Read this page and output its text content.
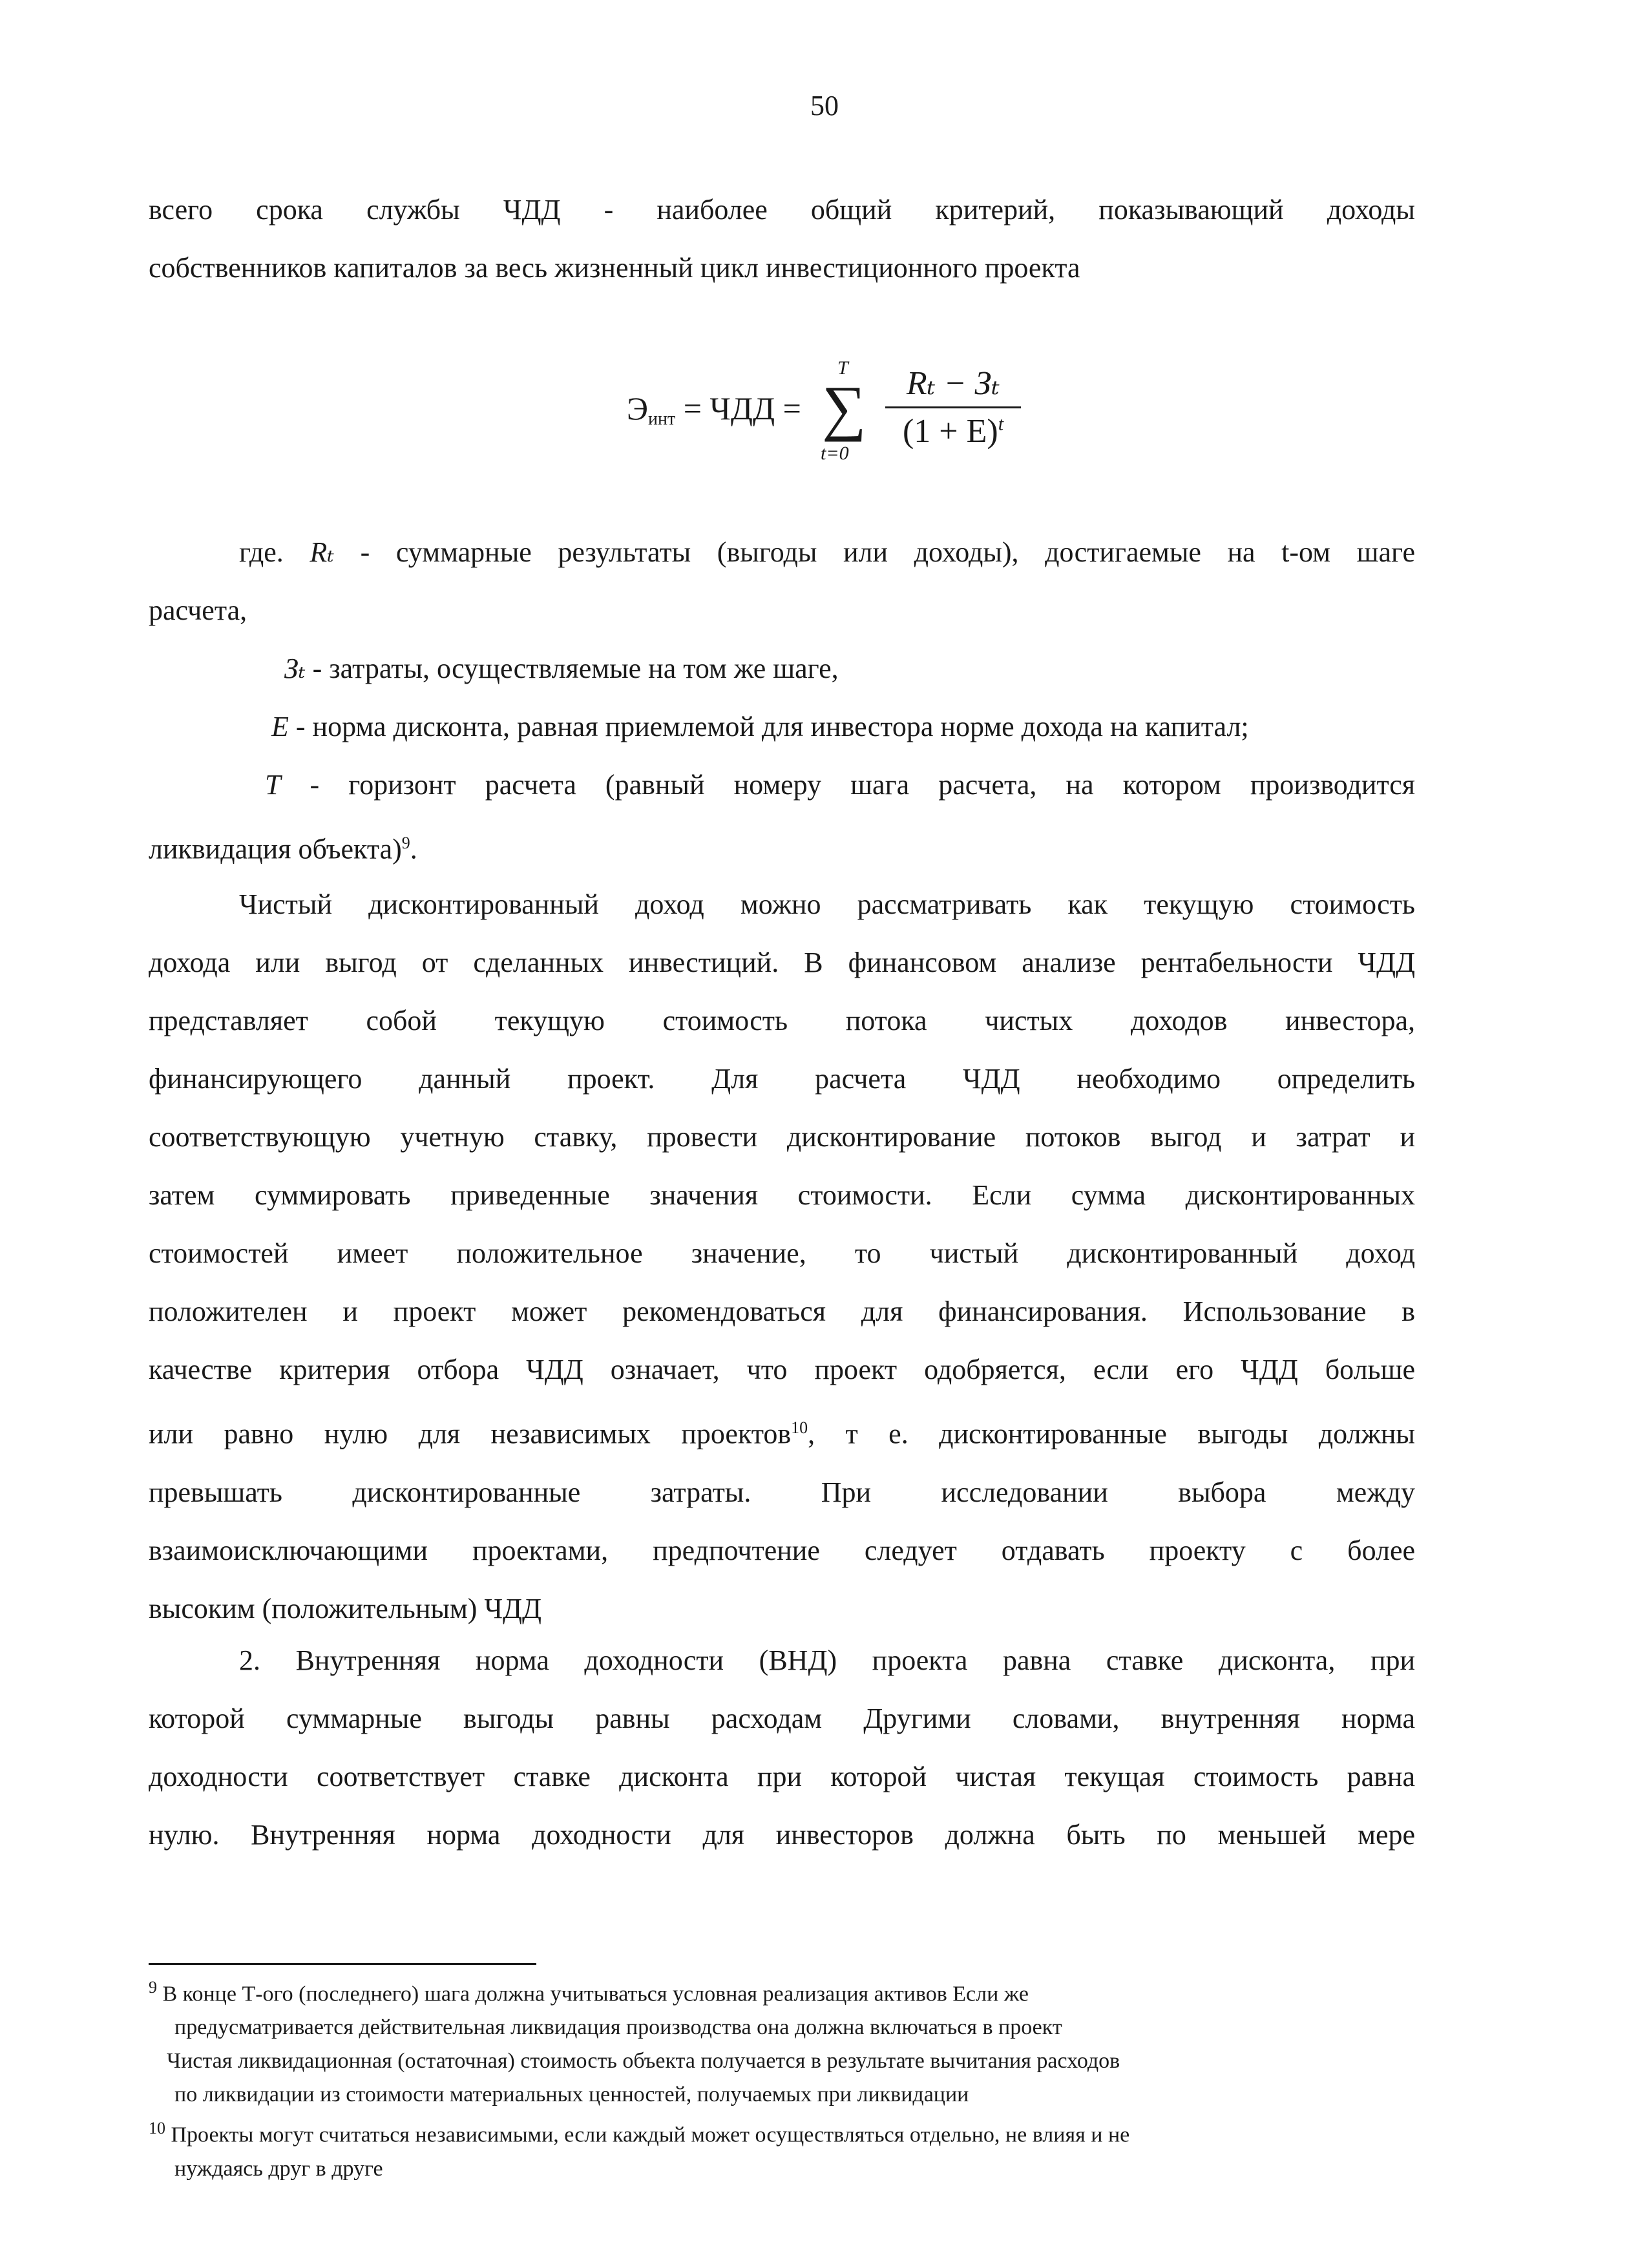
50

всего срока службы ЧДД - наиболее общий критерий, показывающий доходы

собственников капиталов за весь жизненный цикл инвестиционного проекта

$Э_{инт}$ = ЧДД =
T
∑
t=0
Rₜ − Зₜ
$(1 + E)^t$

где. Rₜ - суммарные результаты (выгоды или доходы), достигаемые на t-ом шаге

расчета,

Зₜ - затраты, осуществляемые на том же шаге,

E - норма дисконта, равная приемлемой для инвестора норме дохода на капитал;

T - горизонт расчета (равный номеру шага расчета, на котором производится

ликвидация объекта)$^9$.

Чистый дисконтированный доход можно рассматривать как текущую стоимость

дохода или выгод от сделанных инвестиций. В финансовом анализе рентабельности ЧДД

представляет собой текущую стоимость потока чистых доходов инвестора,

финансирующего данный проект. Для расчета ЧДД необходимо определить

соответствующую учетную ставку, провести дисконтирование потоков выгод и затрат и

затем суммировать приведенные значения стоимости. Если сумма дисконтированных

стоимостей имеет положительное значение, то чистый дисконтированный доход

положителен и проект может рекомендоваться для финансирования. Использование в

качестве критерия отбора ЧДД означает, что проект одобряется, если его ЧДД больше

или равно нулю для независимых проектов$^{10}$, т е. дисконтированные выгоды должны

превышать дисконтированные затраты. При исследовании выбора между

взаимоисключающими проектами, предпочтение следует отдавать проекту с более

высоким (положительным) ЧДД

2. Внутренняя норма доходности (ВНД) проекта равна ставке дисконта, при

которой суммарные выгоды равны расходам Другими словами, внутренняя норма

доходности соответствует ставке дисконта при которой чистая текущая стоимость равна

нулю. Внутренняя норма доходности для инвесторов должна быть по меньшей мере

$^9$ В конце Т-ого (последнего) шага должна учитываться условная реализация активов Если же

предусматривается действительная ликвидация производства она должна включаться в проект

Чистая ликвидационная (остаточная) стоимость объекта получается в результате вычитания расходов

по ликвидации из стоимости материальных ценностей, получаемых при ликвидации

$^{10}$ Проекты могут считаться независимыми, если каждый может осуществляться отдельно, не влияя и не

нуждаясь друг в друге
